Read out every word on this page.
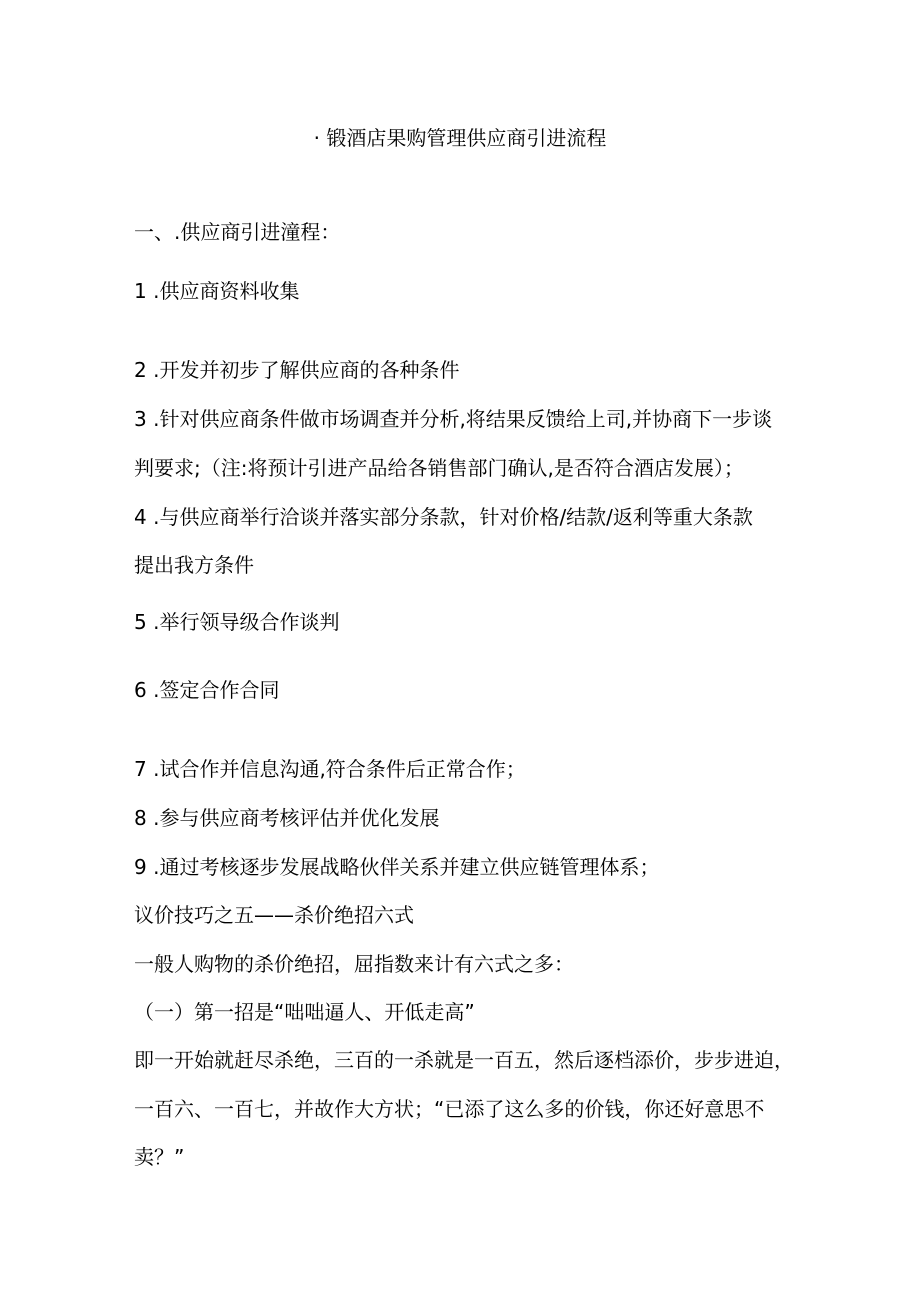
· 锻酒店果购管理供应商引进流程
一、.供应商引进潼程：
1 .供应商资料收集
2 .开发并初步了解供应商的各种条件
3 .针对供应商条件做市场调查并分析,将结果反馈给上司,并协商下一步谈
判要求;（注:将预计引进产品给各销售部门确认,是否符合酒店发展）；
4 .与供应商举行洽谈并落实部分条款，针对价格/结款/返利等重大条款
提出我方条件
5 .举行领导级合作谈判
6 .签定合作合同
7 .试合作并信息沟通,符合条件后正常合作；
8 .参与供应商考核评估并优化发展
9 .通过考核逐步发展战略伙伴关系并建立供应链管理体系；
议价技巧之五——杀价绝招六式
一般人购物的杀价绝招，屈指数来计有六式之多：
（一）第一招是“咄咄逼人、开低走高”
即一开始就赶尽杀绝，三百的一杀就是一百五，然后逐档添价，步步进迫，
一百六、一百七，并故作大方状；“已添了这么多的价钱，你还好意思不
卖？”
